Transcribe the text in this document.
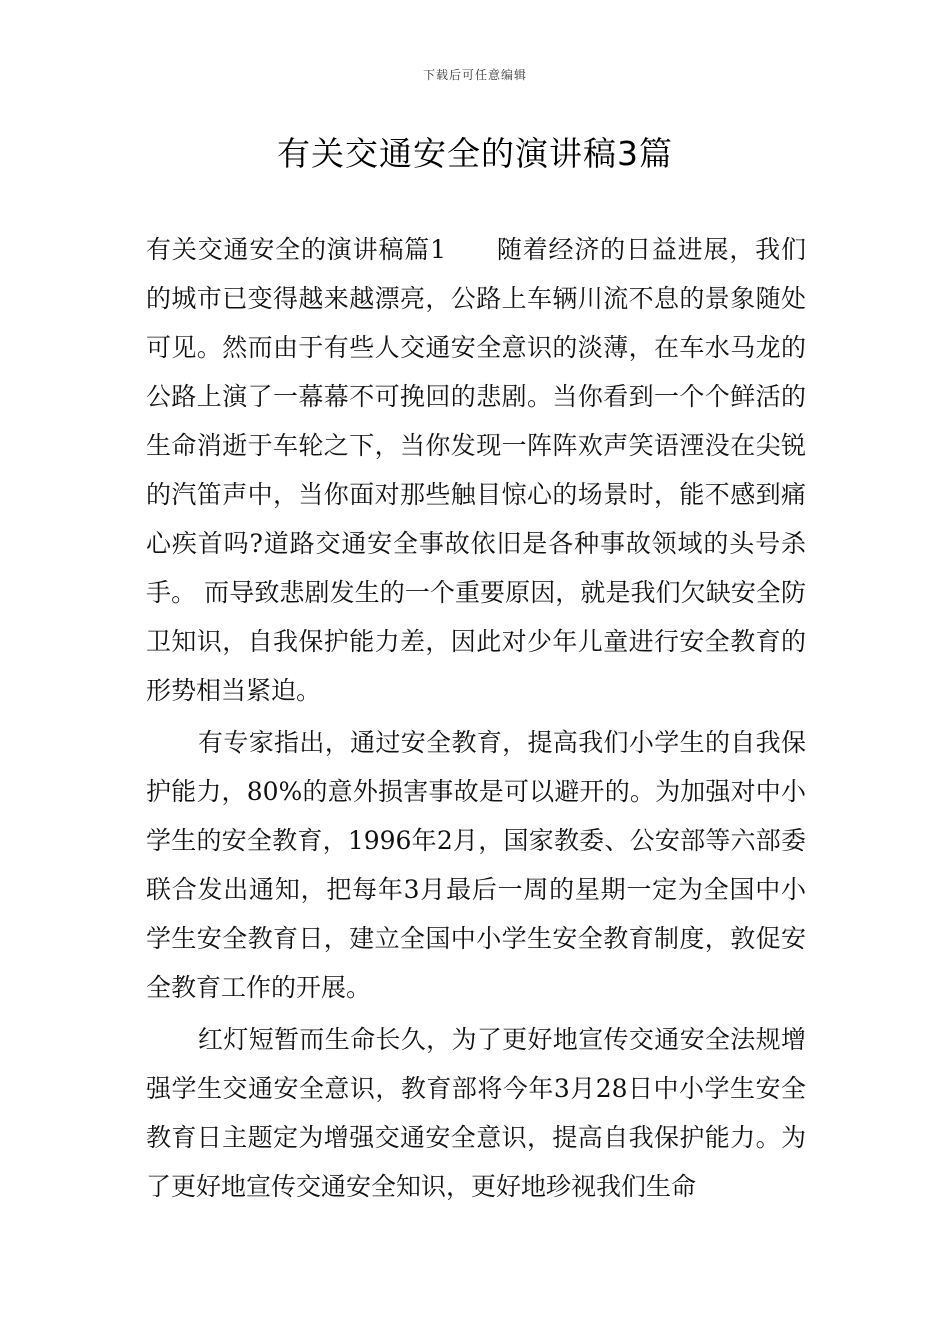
下载后可任意编辑
有关交通安全的演讲稿3篇

有关交通安全的演讲稿篇1 随着经济的日益进展，我们的城市已变得越来越漂亮，公路上车辆川流不息的景象随处可见。然而由于有些人交通安全意识的淡薄，在车水马龙的公路上演了一幕幕不可挽回的悲剧。当你看到一个个鲜活的生命消逝于车轮之下，当你发现一阵阵欢声笑语湮没在尖锐的汽笛声中，当你面对那些触目惊心的场景时，能不感到痛心疾首吗?道路交通安全事故依旧是各种事故领域的头号杀手。 而导致悲剧发生的一个重要原因，就是我们欠缺安全防卫知识，自我保护能力差，因此对少年儿童进行安全教育的形势相当紧迫。

有专家指出，通过安全教育，提高我们小学生的自我保护能力，80%的意外损害事故是可以避开的。为加强对中小学生的安全教育，1996年2月，国家教委、公安部等六部委联合发出通知，把每年3月最后一周的星期一定为全国中小学生安全教育日，建立全国中小学生安全教育制度，敦促安全教育工作的开展。

红灯短暂而生命长久，为了更好地宣传交通安全法规增强学生交通安全意识，教育部将今年3月28日中小学生安全教育日主题定为增强交通安全意识，提高自我保护能力。为了更好地宣传交通安全知识，更好地珍视我们生命
